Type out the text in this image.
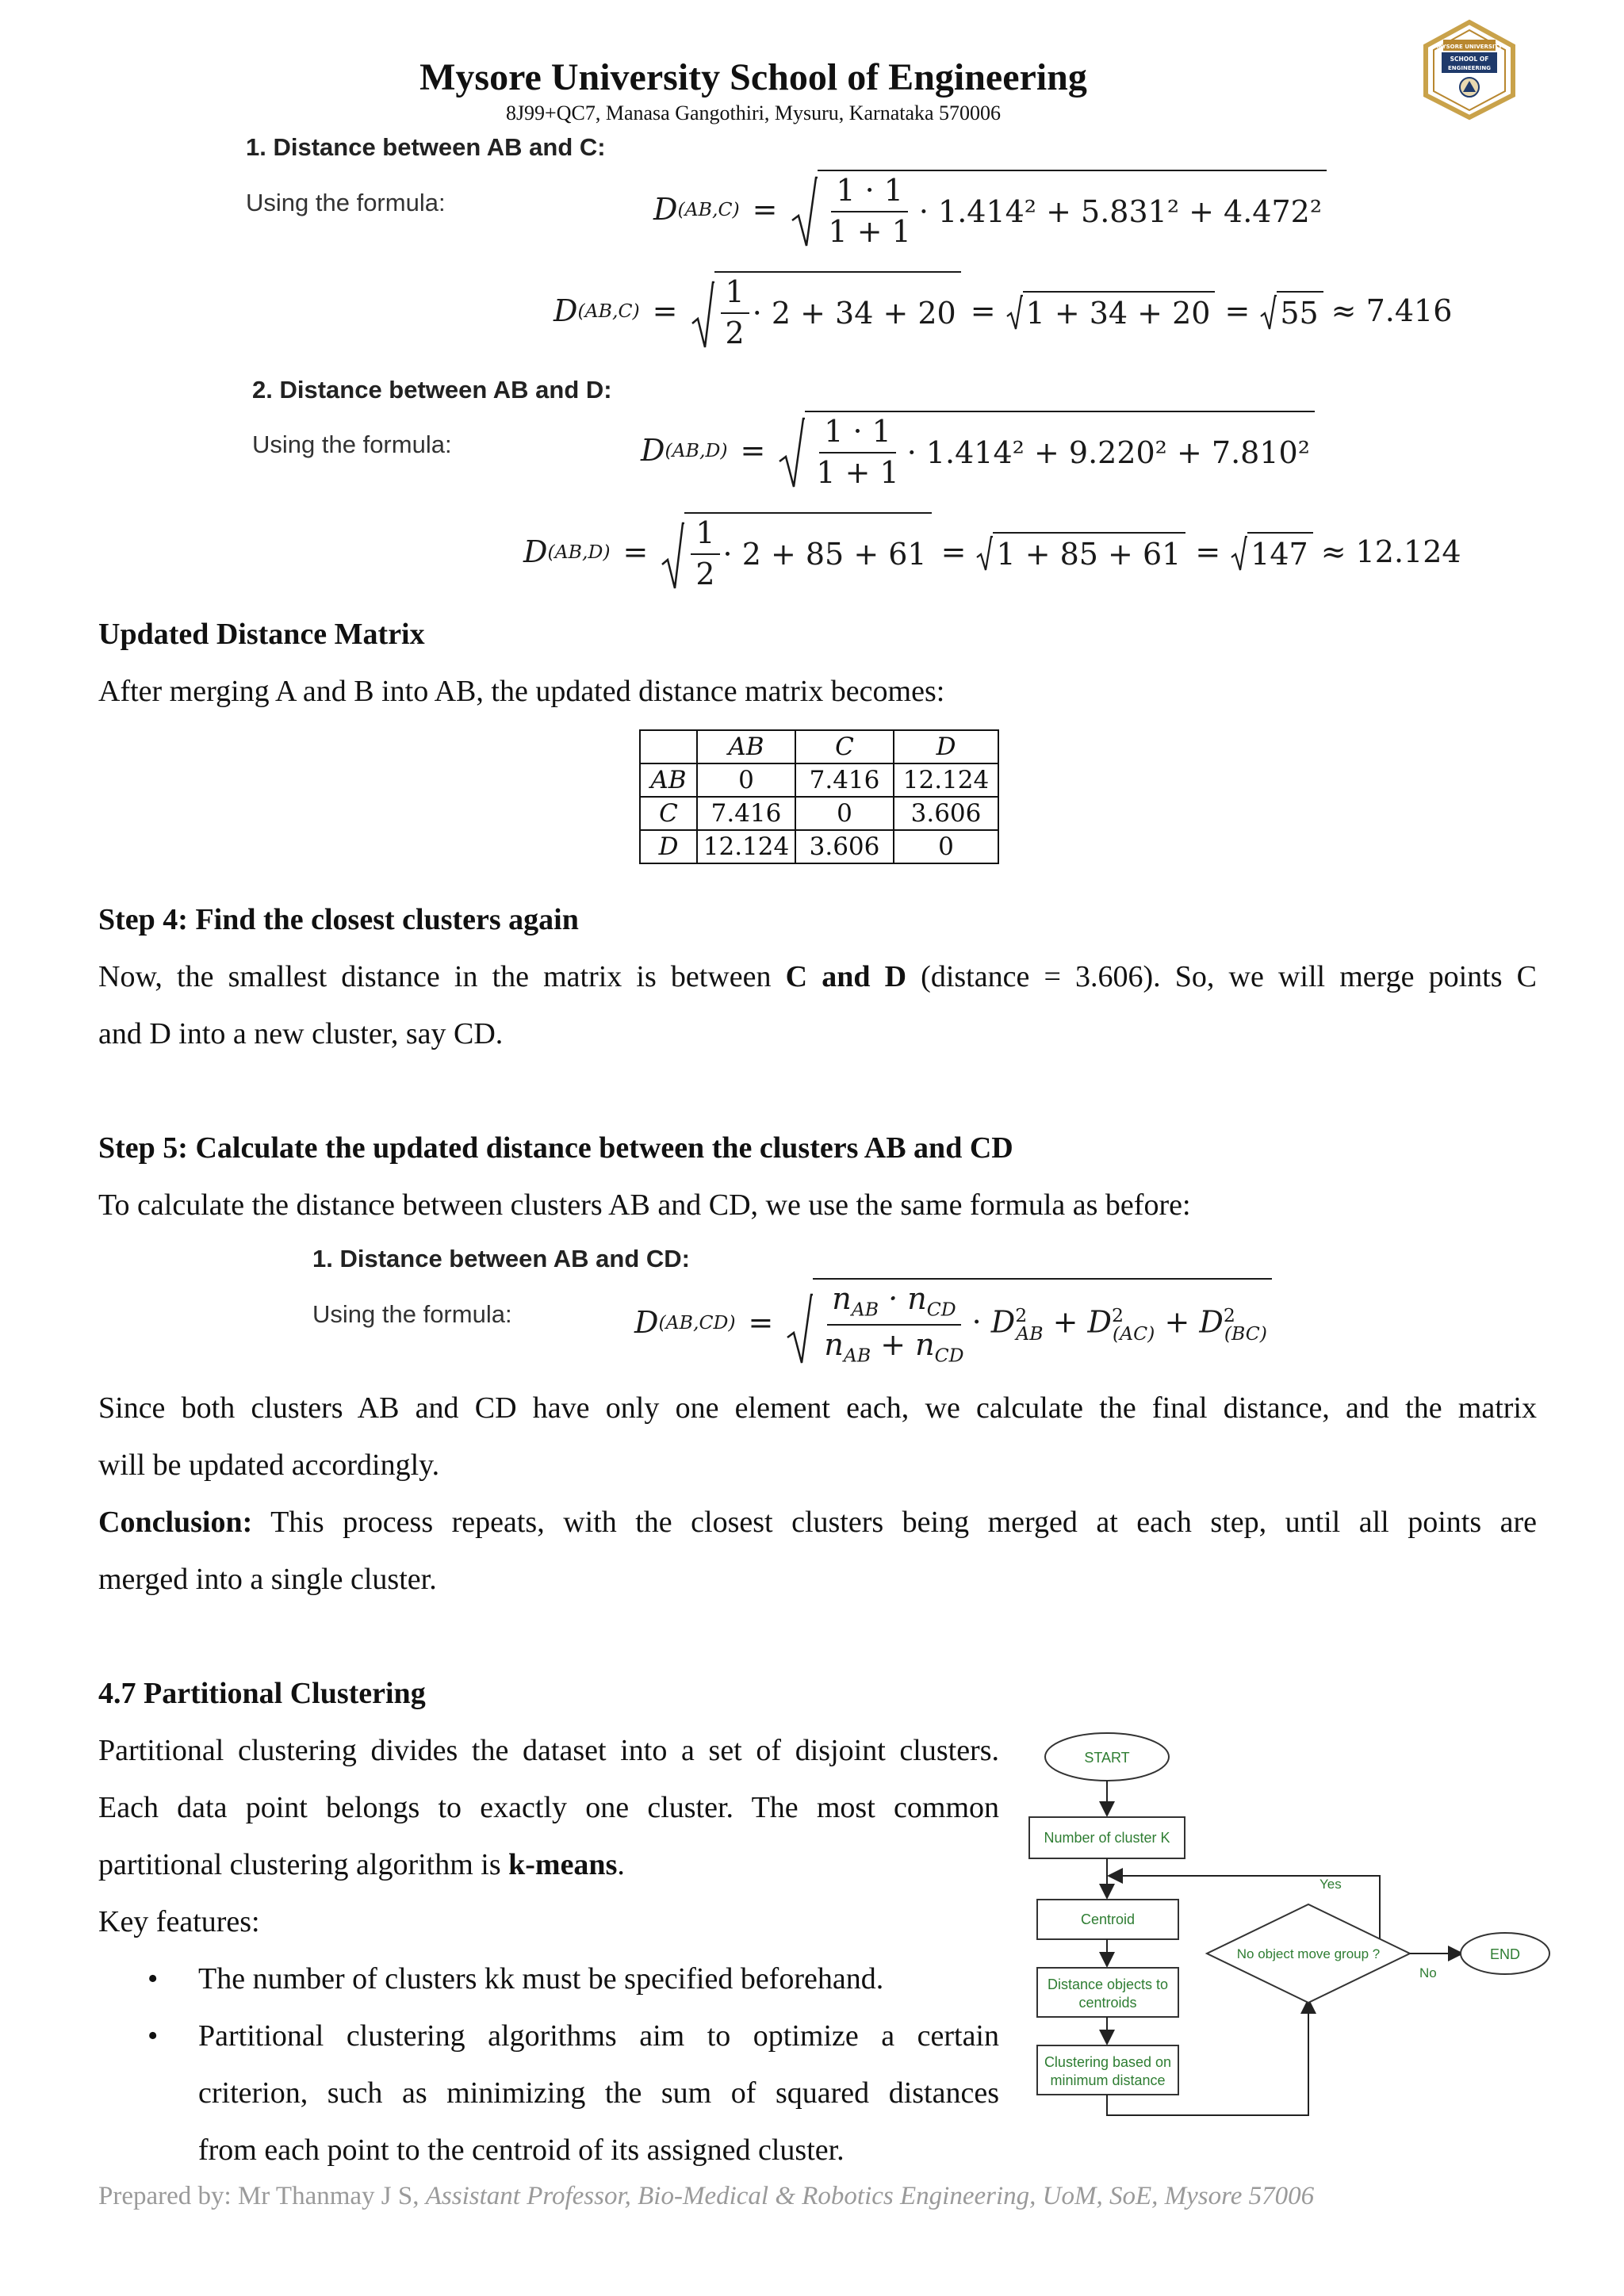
Mysore University School of Engineering
8J99+QC7, Manasa Gangothiri, Mysuru, Karnataka 570006
MYSORE UNIVERSITY
SCHOOL OF
ENGINEERING
1. Distance between AB and C:
Using the formula:	D $(AB,C) = \frac{1 \cdot 1}{1 + 1} \cdot 1.414^2 + 5.831^2 + 4.472^2$
D $(AB,C) = \frac{1}{2} \cdot 2 + 34 + 20 = 1 + 34 + 20 = 55 \approx 7.416$
2. Distance between AB and D:
Using the formula:	D $(AB,D) = \frac{1 \cdot 1}{1 + 1} \cdot 1.414^2 + 9.220^2 + 7.810^2$
D $(AB,D) = \frac{1}{2} \cdot 2 + 85 + 61 = 1 + 85 + 61 = 147 \approx 12.124$
Updated Distance Matrix
After merging A and B into AB, the updated distance matrix becomes:
	AB	C	D
AB	0	7.416	12.124
C	7.416	0	3.606
D	12.124	3.606	0
Step 4: Find the closest clusters again
Now, the smallest distance in the matrix is between C and D (distance = 3.606). So, we will merge points C
and D into a new cluster, say CD.
Step 5: Calculate the updated distance between the clusters AB and CD
To calculate the distance between clusters AB and CD, we use the same formula as before:
1. Distance between AB and CD:
Using the formula:	D $(AB,CD) = \frac{n_{AB} \cdot n_{CD}}{n_{AB} + n_{CD}} \cdot D^2_{AB} + D^2_{(AC)} + D^2_{(BC)}$
Since both clusters AB and CD have only one element each, we calculate the final distance, and the matrix
will be updated accordingly.
Conclusion: This process repeats, with the closest clusters being merged at each step, until all points are
merged into a single cluster.
4.7 Partitional Clustering
Partitional clustering divides the dataset into a set of disjoint clusters.
Each data point belongs to exactly one cluster. The most common
partitional clustering algorithm is k-means.
Key features:
• The number of clusters kk must be specified beforehand.
• Partitional clustering algorithms aim to optimize a certain
criterion, such as minimizing the sum of squared distances
from each point to the centroid of its assigned cluster.
START
Number of cluster K
Yes
Centroid
Distance objects to
centroids
Clustering based on
minimum distance
No object move group ?
No
END
Prepared by: Mr Thanmay J S, Assistant Professor, Bio-Medical & Robotics Engineering, UoM, SoE, Mysore 57006
